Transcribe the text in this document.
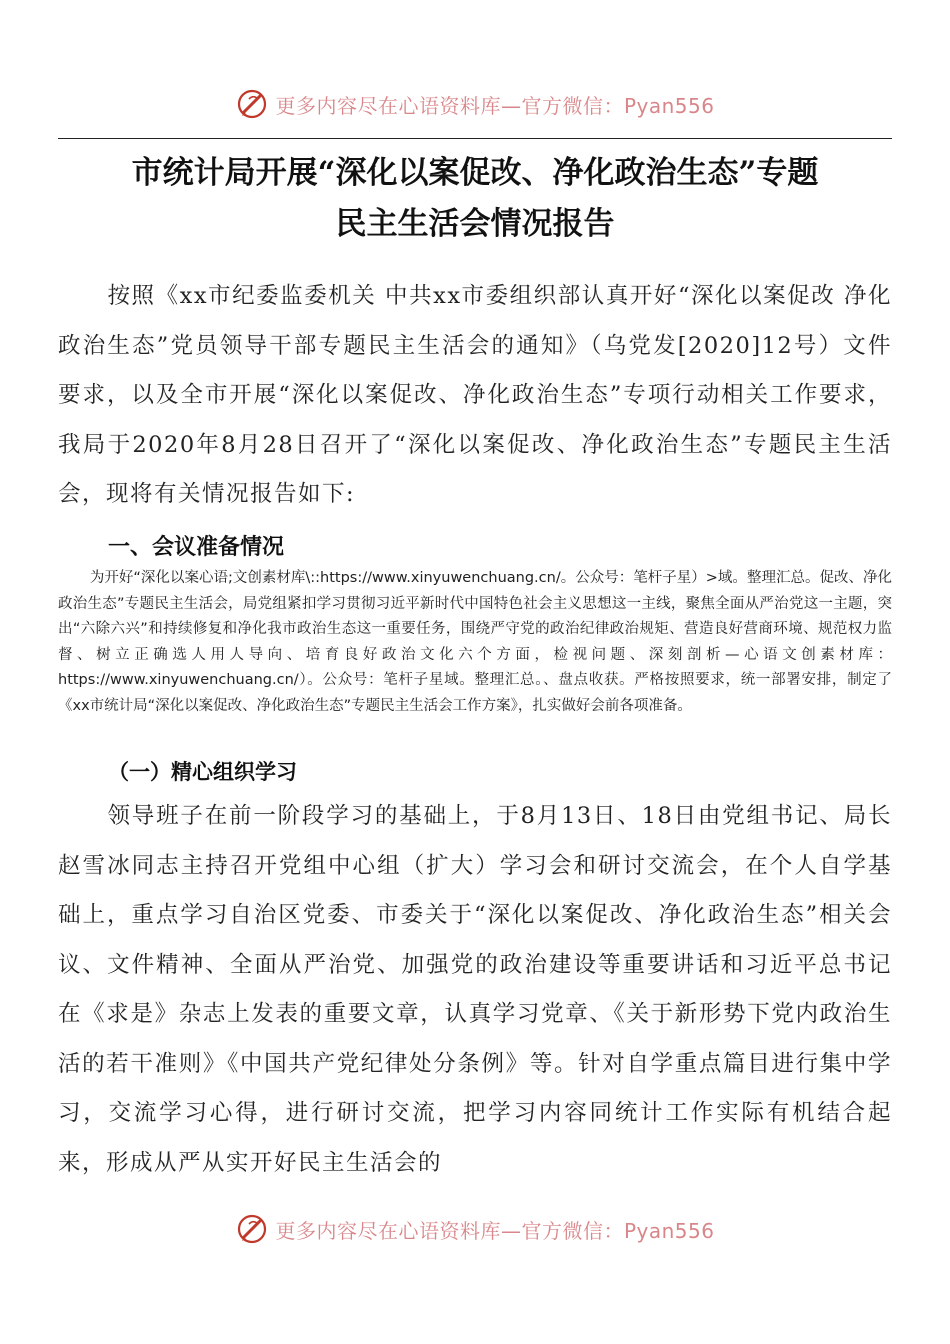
更多内容尽在心语资料库—官方微信：Pyan556
市统计局开展“深化以案促改、净化政治生态”专题
民主生活会情况报告
按照《xx市纪委监委机关 中共xx市委组织部认真开好“深化以案促改 净化政治生态”党员领导干部专题民主生活会的通知》（乌党发[2020]12号）文件要求，以及全市开展“深化以案促改、净化政治生态”专项行动相关工作要求，我局于2020年8月28日召开了“深化以案促改、净化政治生态”专题民主生活会，现将有关情况报告如下:
一、会议准备情况
为开好“深化以案心语;文创素材库\::https://www.xinyuwenchuang.cn/。公众号：笔杆子星）>域。整理汇总。促改、净化政治生态”专题民主生活会，局党组紧扣学习贯彻习近平新时代中国特色社会主义思想这一主线，聚焦全面从严治党这一主题，突出“六除六兴”和持续修复和净化我市政治生态这一重要任务，围绕严守党的政治纪律政治规矩、营造良好营商环境、规范权力监督、树立正确选人用人导向、培育良好政治文化六个方面，检视问题、深刻剖析—心语文创素材库：https://www.xinyuwenchuang.cn/）。公众号：笔杆子星域。整理汇总。、盘点收获。严格按照要求，统一部署安排，制定了《xx市统计局“深化以案促改、净化政治生态”专题民主生活会工作方案》，扎实做好会前各项准备。
（一）精心组织学习
领导班子在前一阶段学习的基础上，于8月13日、18日由党组书记、局长赵雪冰同志主持召开党组中心组（扩大）学习会和研讨交流会，在个人自学基础上，重点学习自治区党委、市委关于“深化以案促改、净化政治生态”相关会议、文件精神、全面从严治党、加强党的政治建设等重要讲话和习近平总书记在《求是》杂志上发表的重要文章，认真学习党章、《关于新形势下党内政治生活的若干准则》《中国共产党纪律处分条例》等。针对自学重点篇目进行集中学习，交流学习心得，进行研讨交流，把学习内容同统计工作实际有机结合起来，形成从严从实开好民主生活会的
更多内容尽在心语资料库—官方微信：Pyan556
